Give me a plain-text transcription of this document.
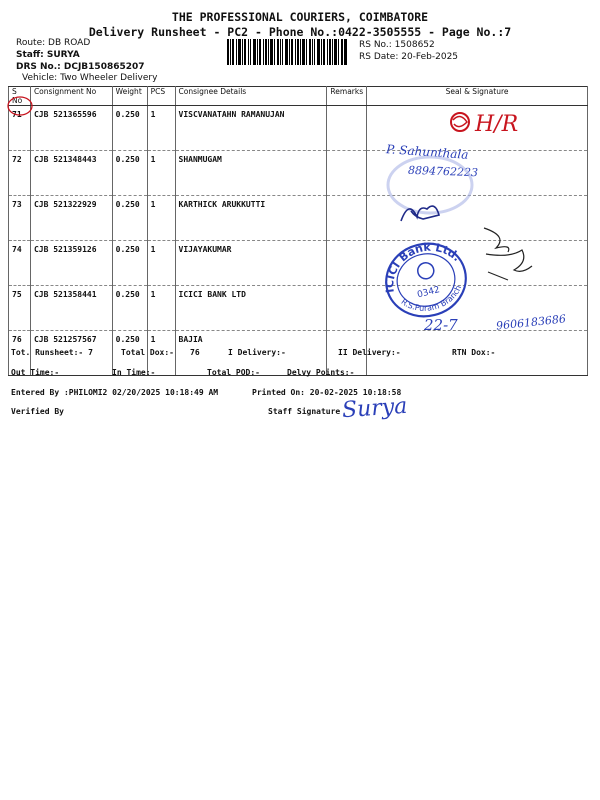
THE PROFESSIONAL COURIERS, COIMBATORE
Delivery Runsheet - PC2 - Phone No.:0422-3505555 - Page No.:7
Route: DB ROAD
Staff: SURYA
DRS No.: DCJB150865207
Vehicle: Two Wheeler Delivery
RS No.: 1508652
RS Date: 20-Feb-2025
S No	Consignment No	Weight	PCS	Consignee Details	Remarks	Seal & Signature
71	CJB 521365596	0.250	1	VISCVANATAHN RAMANUJAN		
72	CJB 521348443	0.250	1	SHANMUGAM		
73	CJB 521322929	0.250	1	KARTHICK ARUKKUTTI		
74	CJB 521359126	0.250	1	VIJAYAKUMAR		
75	CJB 521358441	0.250	1	ICICI BANK LTD		
76	CJB 521257567	0.250	1	BAJIA		
H/R
P. Sahunthala
8894762223
ICICI Bank Ltd.
R.S.Puram Branch
0342
22-7	9606183686
Tot. Runsheet:- 7	Total Dox:- 76	I Delivery:-	II Delivery:-	RTN Dox:-
Out Time:-	In Time:-	Total POD:-	Delvy Points:-
Entered By :PHILOMI2 02/20/2025 10:18:49 AM	Printed On: 20-02-2025 10:18:58
Verified By	Staff Signature Surya
